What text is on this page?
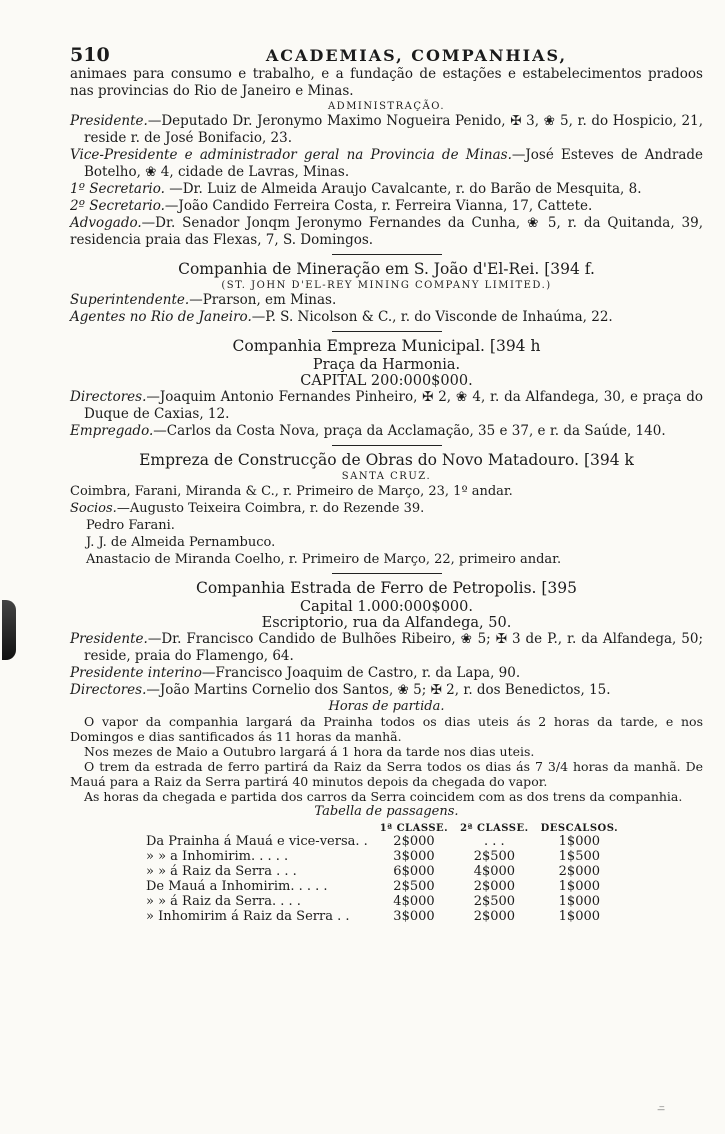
510	ACADEMIAS, COMPANHIAS,

animaes para consumo e trabalho, e a fundação de estações e estabelecimentos pradoos nas provincias do Rio de Janeiro e Minas.

ADMINISTRAÇÃO.

Presidente.—Deputado Dr. Jeronymo Maximo Nogueira Penido, ✠ 3, ❀ 5, r. do Hospicio, 21, reside r. de José Bonifacio, 23.

Vice-Presidente e administrador geral na Provincia de Minas.—José Esteves de Andrade Botelho, ❀ 4, cidade de Lavras, Minas.

1º Secretario. —Dr. Luiz de Almeida Araujo Cavalcante, r. do Barão de Mesquita, 8.

2º Secretario.—João Candido Ferreira Costa, r. Ferreira Vianna, 17, Cattete.

Advogado.—Dr. Senador Jonqm Jeronymo Fernandes da Cunha, ❀ 5, r. da Quitanda, 39, residencia praia das Flexas, 7, S. Domingos.

Companhia de Mineração em S. João d'El-Rei. [394 f.
(ST. JOHN D'EL-REY MINING COMPANY LIMITED.)

Superintendente.—Prarson, em Minas.

Agentes no Rio de Janeiro.—P. S. Nicolson & C., r. do Visconde de Inhaúma, 22.

Companhia Empreza Municipal. [394 h
Praça da Harmonia.
CAPITAL 200:000$000.

Directores.—Joaquim Antonio Fernandes Pinheiro, ✠ 2, ❀ 4, r. da Alfandega, 30, e praça do Duque de Caxias, 12.

Empregado.—Carlos da Costa Nova, praça da Acclamação, 35 e 37, e r. da Saúde, 140.

Empreza de Construcção de Obras do Novo Matadouro. [394 k
SANTA CRUZ.

Coimbra, Farani, Miranda & C., r. Primeiro de Março, 23, 1º andar.

Socios.—Augusto Teixeira Coimbra, r. do Rezende 39.

Pedro Farani.

J. J. de Almeida Pernambuco.

Anastacio de Miranda Coelho, r. Primeiro de Março, 22, primeiro andar.

Companhia Estrada de Ferro de Petropolis. [395
Capital 1.000:000$000.
Escriptorio, rua da Alfandega, 50.

Presidente.—Dr. Francisco Candido de Bulhões Ribeiro, ❀ 5; ✠ 3 de P., r. da Alfandega, 50; reside, praia do Flamengo, 64.

Presidente interino—Francisco Joaquim de Castro, r. da Lapa, 90.

Directores.—João Martins Cornelio dos Santos, ❀ 5; ✠ 2, r. dos Benedictos, 15.

Horas de partida.

O vapor da companhia largará da Prainha todos os dias uteis ás 2 horas da tarde, e nos Domingos e dias santificados ás 11 horas da manhã.

Nos mezes de Maio a Outubro largará á 1 hora da tarde nos dias uteis.

O trem da estrada de ferro partirá da Raiz da Serra todos os dias ás 7 3/4 horas da manhã. De Mauá para a Raiz da Serra partirá 40 minutos depois da chegada do vapor.

As horas da chegada e partida dos carros da Serra coincidem com as dos trens da companhia.

Tabella de passagens.
	1ª CLASSE.	2ª CLASSE.	DESCALSOS.
Da Prainha á Mauá e vice-versa. .	2$000	. . .	1$000
» » a Inhomirim. . . . .	3$000	2$500	1$500
» » á Raiz da Serra . . .	6$000	4$000	2$000
De Mauá a Inhomirim. . . . .	2$500	2$000	1$000
» » á Raiz da Serra. . . .	4$000	2$500	1$000
» Inhomirim á Raiz da Serra . .	3$000	2$000	1$000
⁻̶
